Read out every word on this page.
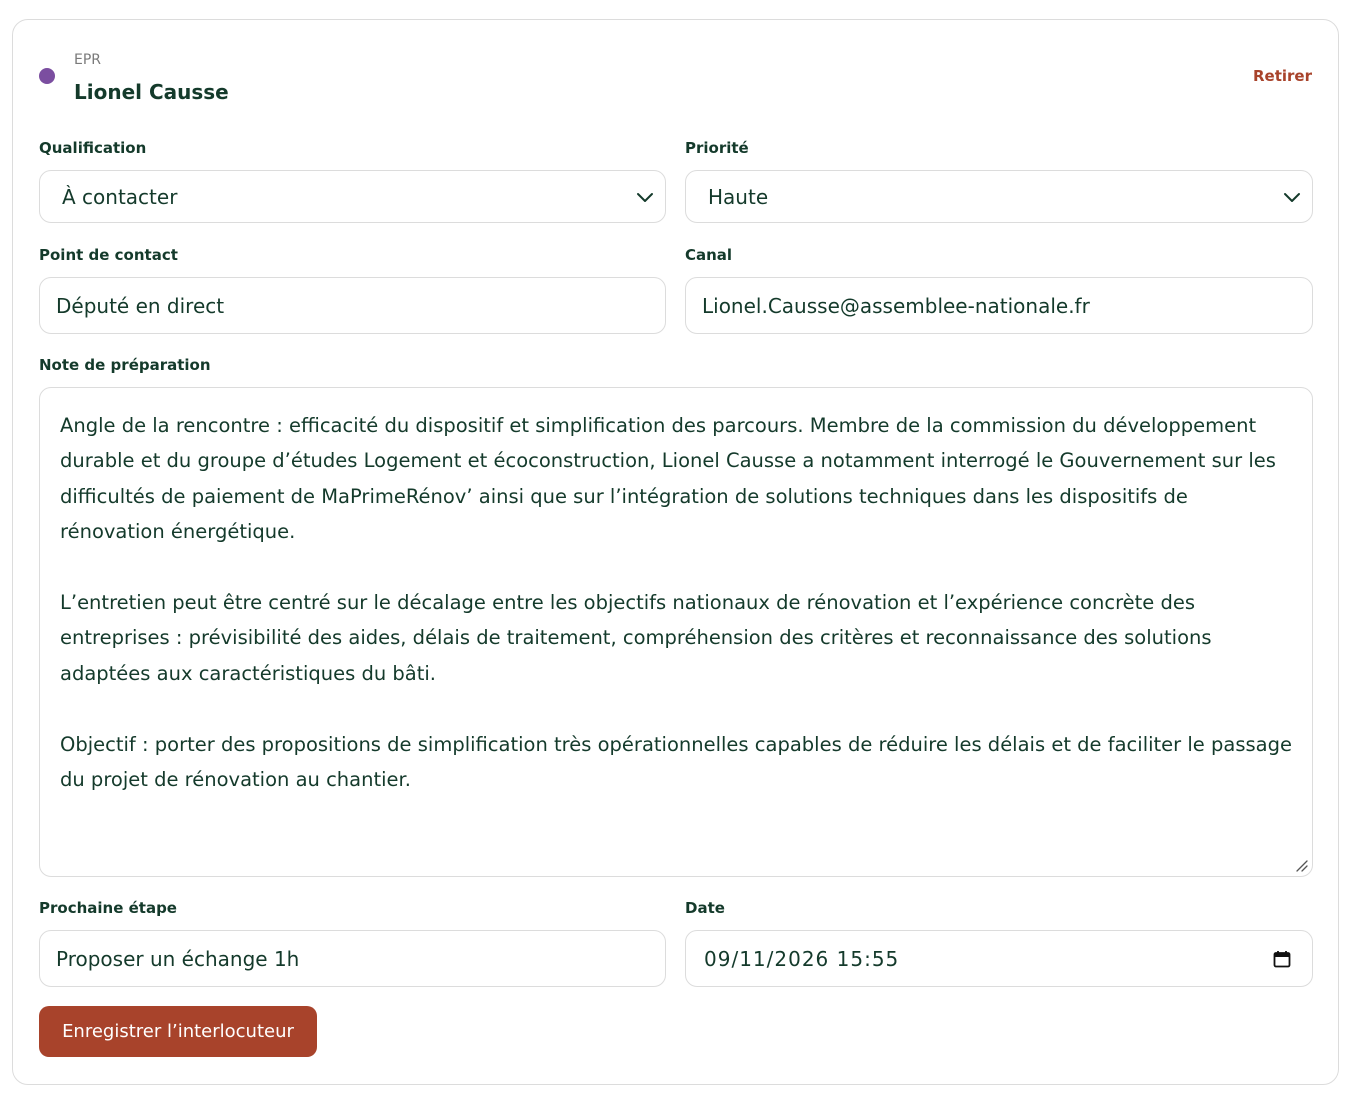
EPR
Lionel Causse
Retirer
Qualification
À contacter
Priorité
Haute
Point de contact
Député en direct
Canal
Lionel.Causse@assemblee-nationale.fr
Note de préparation

Angle de la rencontre : efficacité du dispositif et simplification des parcours. Membre de la commission du développement durable et du groupe d’études Logement et écoconstruction, Lionel Causse a notamment interrogé le Gouvernement sur les difficultés de paiement de MaPrimeRénov’ ainsi que sur l’intégration de solutions techniques dans les dispositifs de rénovation énergétique.

L’entretien peut être centré sur le décalage entre les objectifs nationaux de rénovation et l’expérience concrète des entreprises : prévisibilité des aides, délais de traitement, compréhension des critères et reconnaissance des solutions adaptées aux caractéristiques du bâti.

Objectif : porter des propositions de simplification très opérationnelles capables de réduire les délais et de faciliter le passage du projet de rénovation au chantier.

Prochaine étape
Proposer un échange 1h
Date
09/11/2026 15:55
Enregistrer l’interlocuteur
